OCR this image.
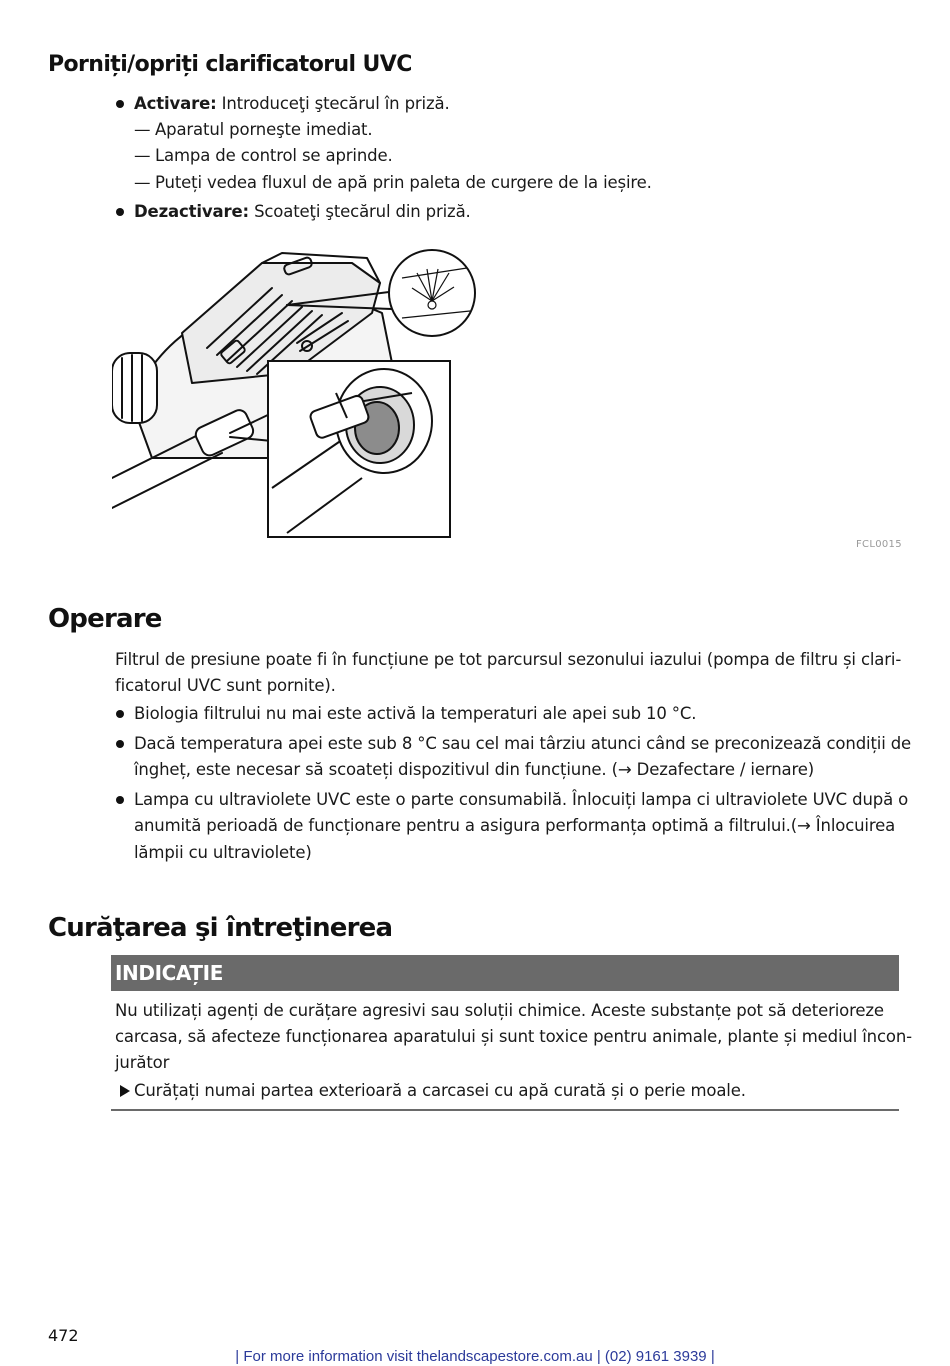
Porniți/opriți clarificatorul UVC
Activare: Introduceţi ştecărul în priză.
— Aparatul porneşte imediat.
— Lampa de control se aprinde.
— Puteți vedea fluxul de apă prin paleta de curgere de la ieșire.
Dezactivare: Scoateţi ştecărul din priză.
FCL0015
Operare
Filtrul de presiune poate fi în funcțiune pe tot parcursul sezonului iazului (pompa de filtru și clari-
ficatorul UVC sunt pornite).
Biologia filtrului nu mai este activă la temperaturi ale apei sub 10 °C.
Dacă temperatura apei este sub 8 °C sau cel mai târziu atunci când se preconizează condiții de
îngheț, este necesar să scoateți dispozitivul din funcțiune. (→ Dezafectare / iernare)
Lampa cu ultraviolete UVC este o parte consumabilă. Înlocuiți lampa ci ultraviolete UVC după o
anumită perioadă de funcționare pentru a asigura performanța optimă a filtrului.(→ Înlocuirea
lămpii cu ultraviolete)
Curăţarea şi întreţinerea
INDICAȚIE
Nu utilizați agenți de curățare agresivi sau soluții chimice. Aceste substanțe pot să deterioreze
carcasa, să afecteze funcționarea aparatului și sunt toxice pentru animale, plante și mediul încon-
jurător
Curățați numai partea exterioară a carcasei cu apă curată și o perie moale.
472
| For more information visit thelandscapestore.com.au | (02) 9161 3939 |
